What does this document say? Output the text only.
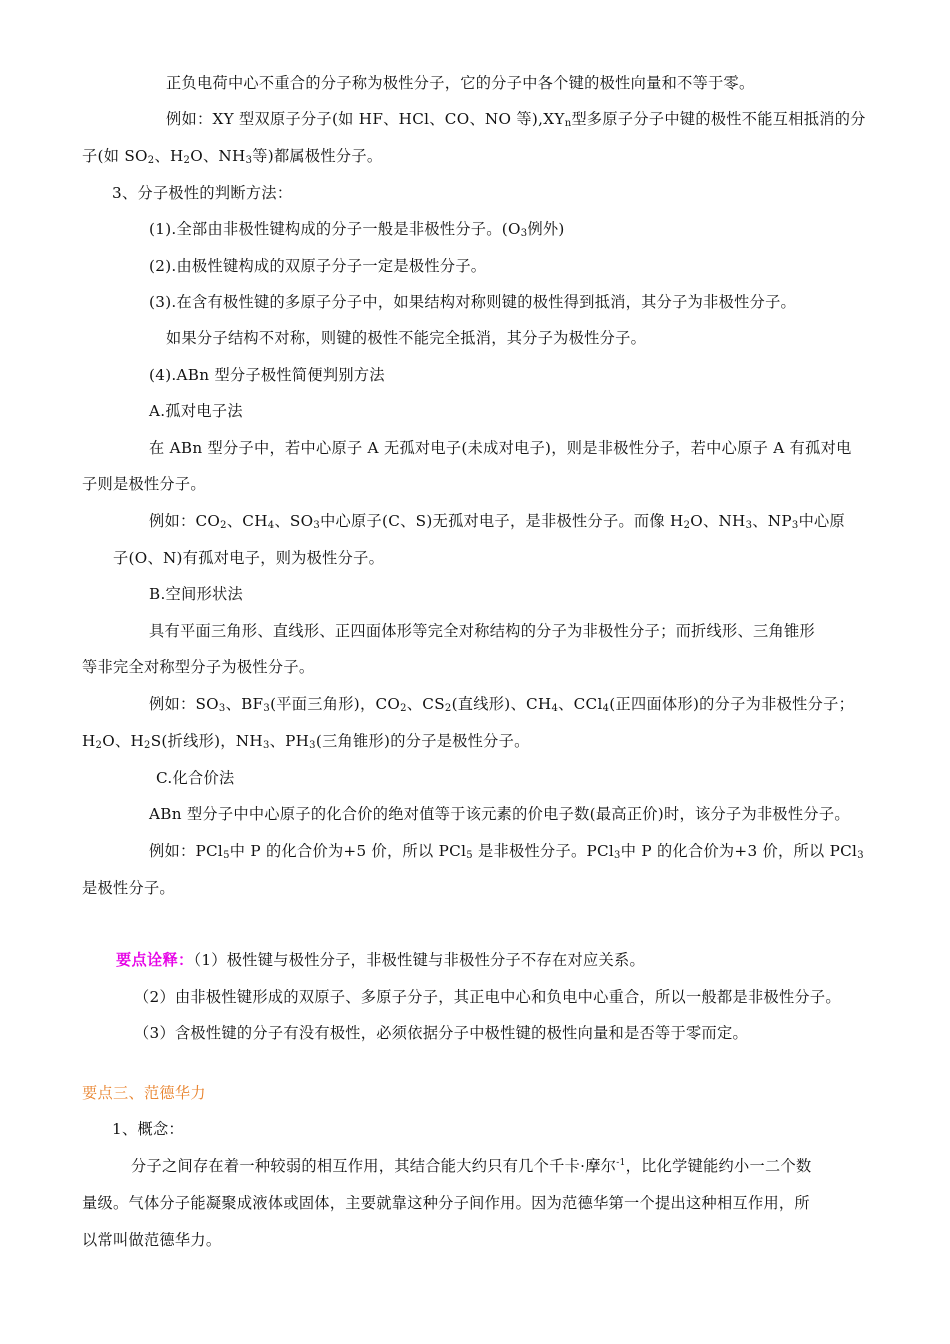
正负电荷中心不重合的分子称为极性分子，它的分子中各个键的极性向量和不等于零。
例如：XY 型双原子分子(如 HF、HCl、CO、NO 等)$,XY_n$型多原子分子中键的极性不能互相抵消的分
子(如 $SO_2$、$H_2O$、$NH_3$等)都属极性分子。
3、分子极性的判断方法：
(1).全部由非极性键构成的分子一般是非极性分子。($O_3$例外)
(2).由极性键构成的双原子分子一定是极性分子。
(3).在含有极性键的多原子分子中，如果结构对称则键的极性得到抵消，其分子为非极性分子。
如果分子结构不对称，则键的极性不能完全抵消，其分子为极性分子。
(4).ABn 型分子极性简便判别方法
A.孤对电子法
在 ABn 型分子中，若中心原子 A 无孤对电子(未成对电子)，则是非极性分子，若中心原子 A 有孤对电
子则是极性分子。
例如：$CO_2$、$CH_4$、$SO_3$中心原子(C、S)无孤对电子，是非极性分子。而像 $H_2O$、$NH_3$、$NP_3$中心原
子(O、N)有孤对电子，则为极性分子。
B.空间形状法
具有平面三角形、直线形、正四面体形等完全对称结构的分子为非极性分子；而折线形、三角锥形
等非完全对称型分子为极性分子。
例如：$SO_3$、$BF_3$(平面三角形)，$CO_2$、$CS_2$(直线形)、$CH_4$、CCl$_4$(正四面体形)的分子为非极性分子；
$H_2O$、$H_2S$(折线形)，$NH_3$、$PH_3$(三角锥形)的分子是极性分子。
C.化合价法
ABn 型分子中中心原子的化合价的绝对值等于该元素的价电子数(最高正价)时，该分子为非极性分子。
例如：PCl$_5$中 P 的化合价为+5 价，所以 PCl$_5$ 是非极性分子。PCl$_3$中 P 的化合价为+3 价，所以 PCl$_3$
是极性分子。
要点诠释：（1）极性键与极性分子，非极性键与非极性分子不存在对应关系。
（2）由非极性键形成的双原子、多原子分子，其正电中心和负电中心重合，所以一般都是非极性分子。
（3）含极性键的分子有没有极性，必须依据分子中极性键的极性向量和是否等于零而定。
要点三、范德华力
1、概念：
分子之间存在着一种较弱的相互作用，其结合能大约只有几个千卡·摩尔$^{-1}$，比化学键能约小一二个数
量级。气体分子能凝聚成液体或固体，主要就靠这种分子间作用。因为范德华第一个提出这种相互作用，所
以常叫做范德华力。
